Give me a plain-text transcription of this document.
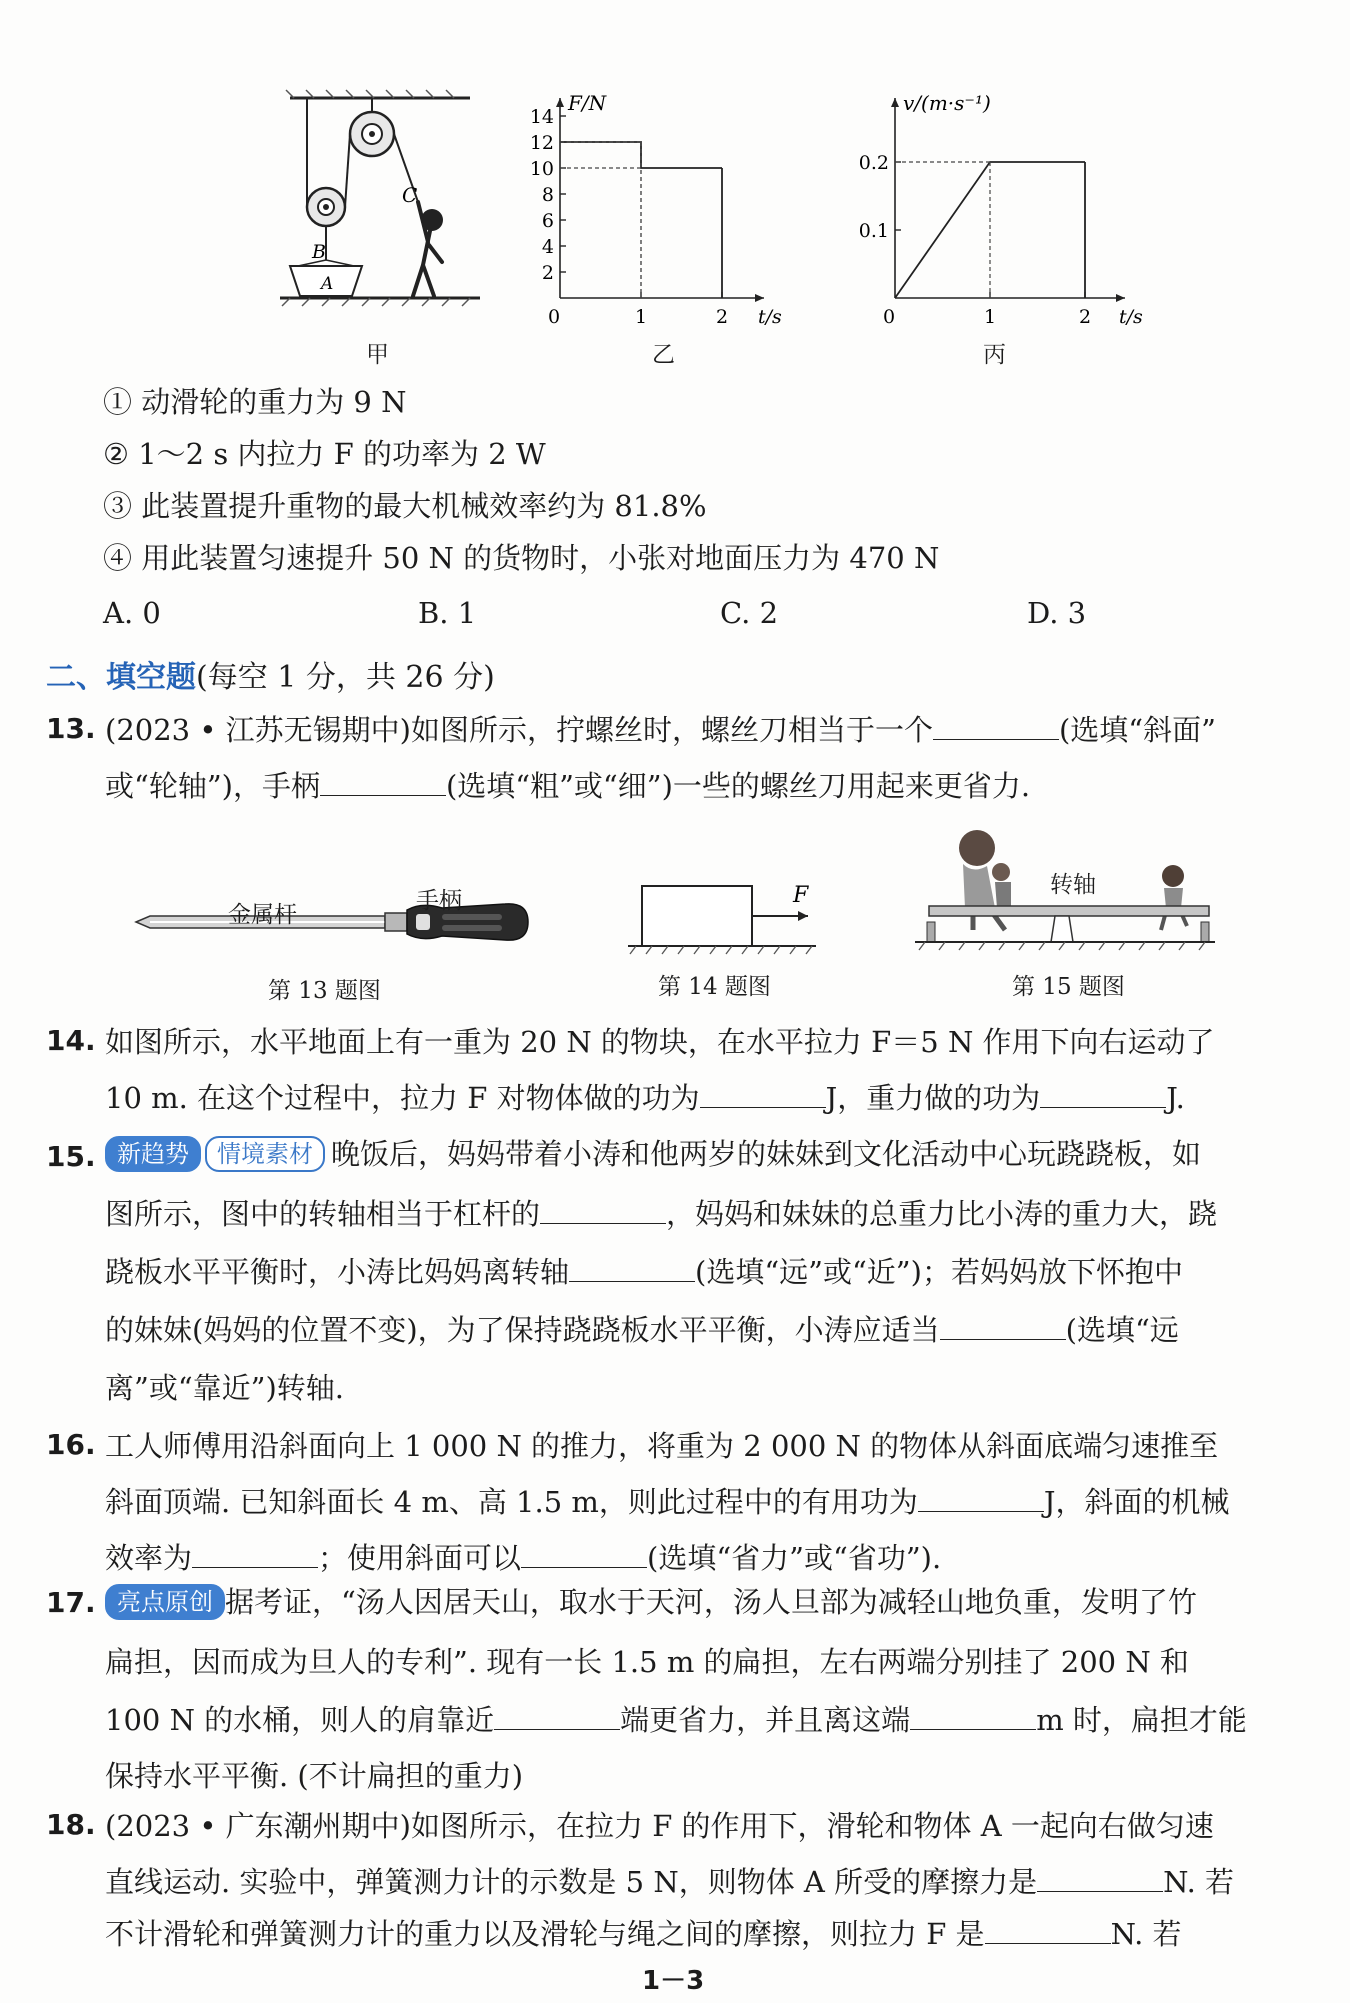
C
B
A
甲
14
12
10
8
6
4
2
0	1	2
F/N
t/s
乙
0.2
0.1
0	1	2
v/(m·s⁻¹)
t/s
丙
① 动滑轮的重力为 9 N
② 1～2 s 内拉力 F 的功率为 2 W
③ 此装置提升重物的最大机械效率约为 81.8%
④ 用此装置匀速提升 50 N 的货物时，小张对地面压力为 470 N
A. 0	B. 1	C. 2	D. 3
二、填空题(每空 1 分，共 26 分)
13. (2023 • 江苏无锡期中)如图所示，拧螺丝时，螺丝刀相当于一个	(选填“斜面”
或“轮轴”)，手柄	(选填“粗”或“细”)一些的螺丝刀用起来更省力.
金属杆
手柄
第 13 题图
F
第 14 题图
转轴
第 15 题图
14. 如图所示，水平地面上有一重为 20 N 的物块，在水平拉力 F＝5 N 作用下向右运动了
10 m. 在这个过程中，拉力 F 对物体做的功为	J，重力做的功为	J.
15. 新趋势 情境素材 晚饭后，妈妈带着小涛和他两岁的妹妹到文化活动中心玩跷跷板，如
图所示，图中的转轴相当于杠杆的	，妈妈和妹妹的总重力比小涛的重力大，跷
跷板水平平衡时，小涛比妈妈离转轴	(选填“远”或“近”)；若妈妈放下怀抱中
的妹妹(妈妈的位置不变)，为了保持跷跷板水平平衡，小涛应适当	(选填“远
离”或“靠近”)转轴.
16. 工人师傅用沿斜面向上 1 000 N 的推力，将重为 2 000 N 的物体从斜面底端匀速推至
斜面顶端. 已知斜面长 4 m、高 1.5 m，则此过程中的有用功为	J，斜面的机械
效率为	；使用斜面可以	(选填“省力”或“省功”).
17. 亮点原创 据考证，“汤人因居天山，取水于天河，汤人旦部为减轻山地负重，发明了竹
扁担，因而成为旦人的专利”. 现有一长 1.5 m 的扁担，左右两端分别挂了 200 N 和
100 N 的水桶，则人的肩靠近	端更省力，并且离这端	m 时，扁担才能
保持水平平衡. (不计扁担的重力)
18. (2023 • 广东潮州期中)如图所示，在拉力 F 的作用下，滑轮和物体 A 一起向右做匀速
直线运动. 实验中，弹簧测力计的示数是 5 N，则物体 A 所受的摩擦力是	N. 若
不计滑轮和弹簧测力计的重力以及滑轮与绳之间的摩擦，则拉力 F 是	N. 若
1－3
